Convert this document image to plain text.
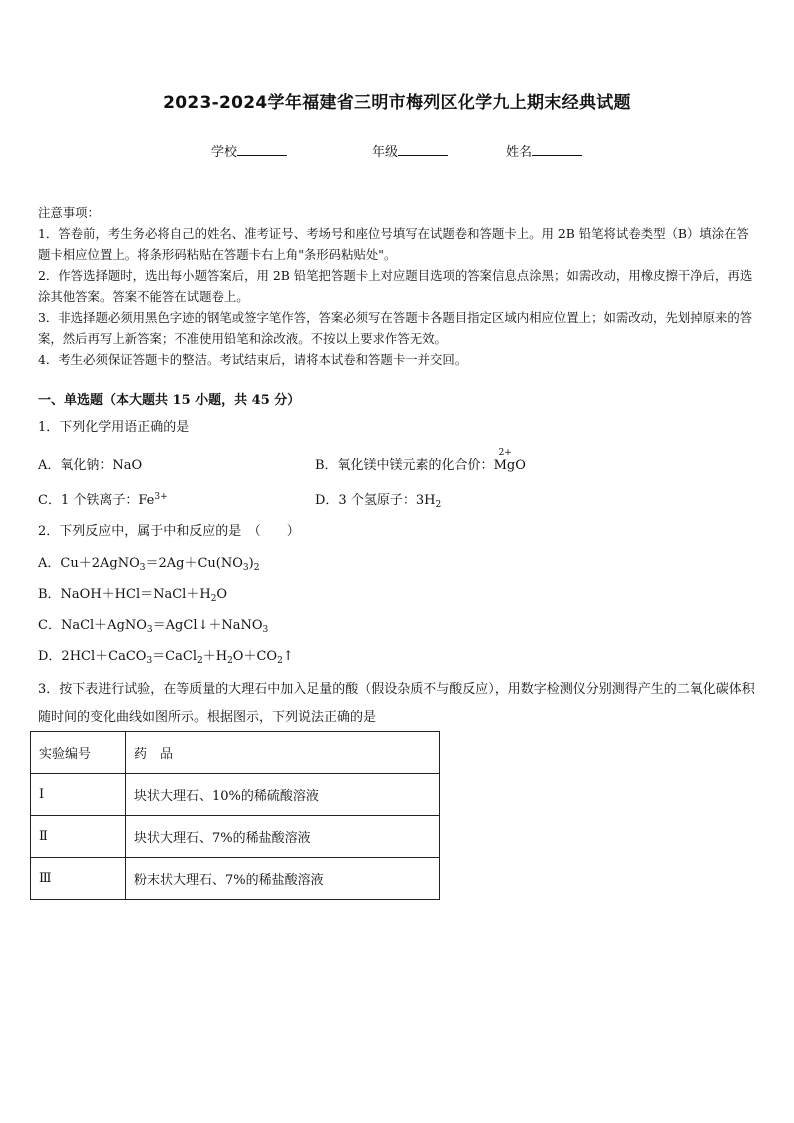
2023-2024学年福建省三明市梅列区化学九上期末经典试题
学校	年级	姓名
注意事项：
1．答卷前，考生务必将自己的姓名、准考证号、考场号和座位号填写在试题卷和答题卡上。用 2B 铅笔将试卷类型（B）填涂在答题卡相应位置上。将条形码粘贴在答题卡右上角"条形码粘贴处"。
2．作答选择题时，选出每小题答案后，用 2B 铅笔把答题卡上对应题目选项的答案信息点涂黑；如需改动，用橡皮擦干净后，再选涂其他答案。答案不能答在试题卷上。
3．非选择题必须用黑色字迹的钢笔或签字笔作答，答案必须写在答题卡各题目指定区域内相应位置上；如需改动，先划掉原来的答案，然后再写上新答案；不准使用铅笔和涂改液。不按以上要求作答无效。
4．考生必须保证答题卡的整洁。考试结束后，请将本试卷和答题卡一并交回。
一、单选题（本大题共 15 小题，共 45 分）
1．下列化学用语正确的是
A．氧化钠：NaO	B．氧化镁中镁元素的化合价：
2+
MgO
C．1 个铁离子：$Fe^{3+}$	D．3 个氢原子：$3H_2$
2．下列反应中，属于中和反应的是　（　　）
A．$Cu+2AgNO_3=2Ag+Cu(NO_3)_2$
B．$NaOH+HCl=NaCl+H_2O$
C．NaCl＋AgNO$_3$＝AgCl↓＋NaNO$_3$
D．$2HCl+CaCO_3=CaCl_2+H_2O+CO_2↑$
3．按下表进行试验，在等质量的大理石中加入足量的酸（假设杂质不与酸反应），用数字检测仪分别测得产生的二氧化碳体积随时间的变化曲线如图所示。根据图示，下列说法正确的是
实验编号	药　品
Ⅰ	块状大理石、10%的稀硫酸溶液
Ⅱ	块状大理石、7%的稀盐酸溶液
Ⅲ	粉末状大理石、7%的稀盐酸溶液
